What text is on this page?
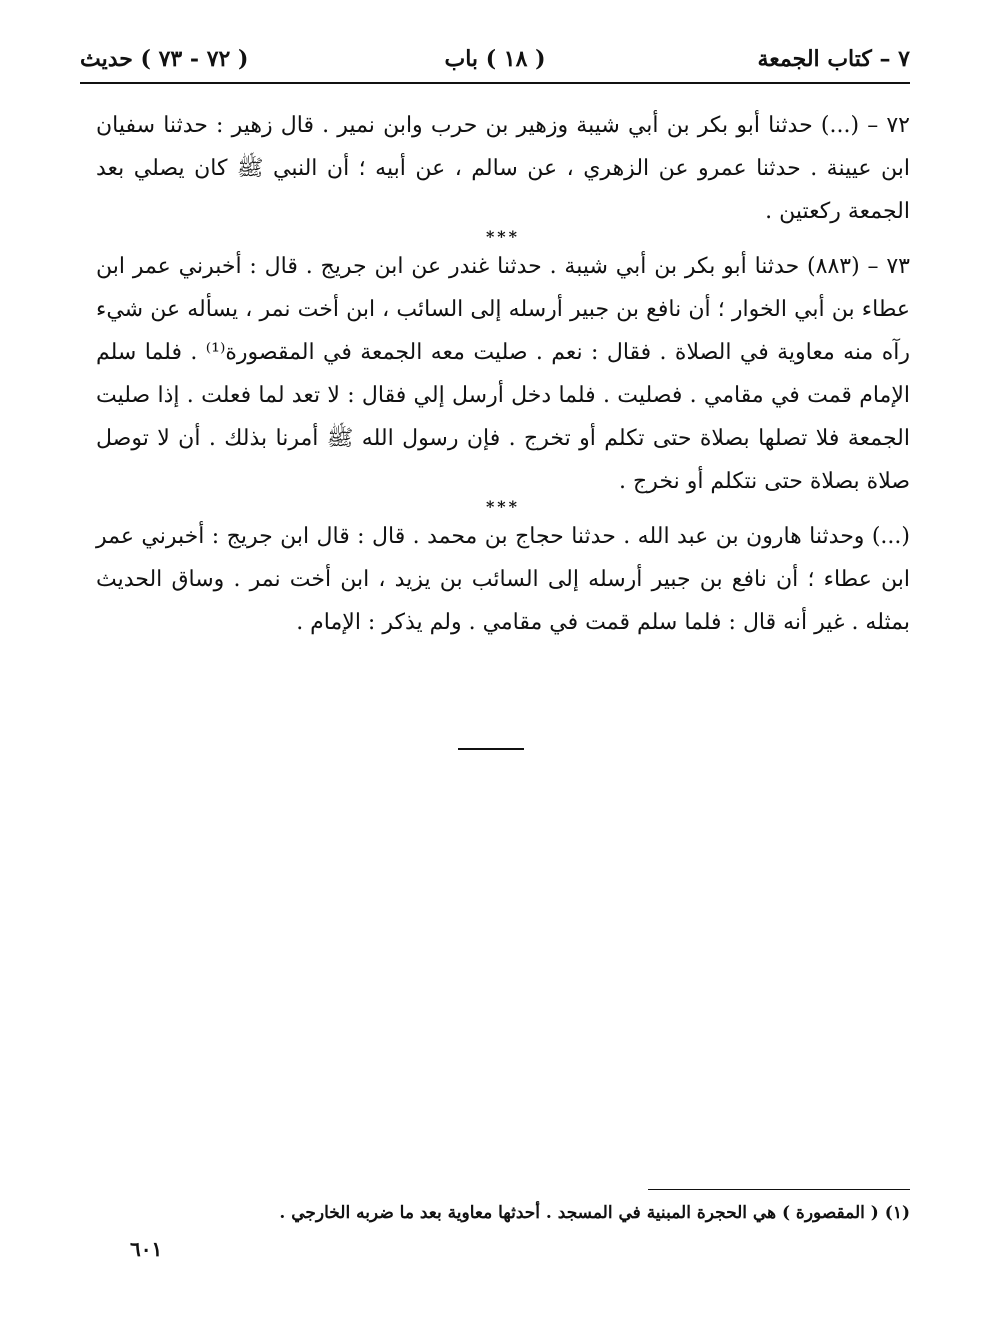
٧ – كتاب الجمعة
( ١٨ ) باب
( ٧٢ - ٧٣ ) حديث

٧٢ – (...) حدثنا أبو بكر بن أبي شيبة وزهير بن حرب وابن نمير . قال زهير : حدثنا سفيان ابن عيينة . حدثنا عمرو عن الزهري ، عن سالم ، عن أبيه ؛ أن النبي ﷺ كان يصلي بعد الجمعة ركعتين .

***

٧٣ – (٨٨٣) حدثنا أبو بكر بن أبي شيبة . حدثنا غندر عن ابن جريج . قال : أخبرني عمر ابن عطاء بن أبي الخوار ؛ أن نافع بن جبير أرسله إلى السائب ، ابن أخت نمر ، يسأله عن شيء رآه منه معاوية في الصلاة . فقال : نعم . صليت معه الجمعة في المقصورة⁽¹⁾ . فلما سلم الإمام قمت في مقامي . فصليت . فلما دخل أرسل إلي فقال : لا تعد لما فعلت . إذا صليت الجمعة فلا تصلها بصلاة حتى تكلم أو تخرج . فإن رسول الله ﷺ أمرنا بذلك . أن لا توصل صلاة بصلاة حتى نتكلم أو نخرج .

***

(...) وحدثنا هارون بن عبد الله . حدثنا حجاج بن محمد . قال : قال ابن جريج : أخبرني عمر ابن عطاء ؛ أن نافع بن جبير أرسله إلى السائب بن يزيد ، ابن أخت نمر . وساق الحديث بمثله . غير أنه قال : فلما سلم قمت في مقامي . ولم يذكر : الإمام .

(١) ( المقصورة ) هي الحجرة المبنية في المسجد . أحدثها معاوية بعد ما ضربه الخارجي .
٦٠١
